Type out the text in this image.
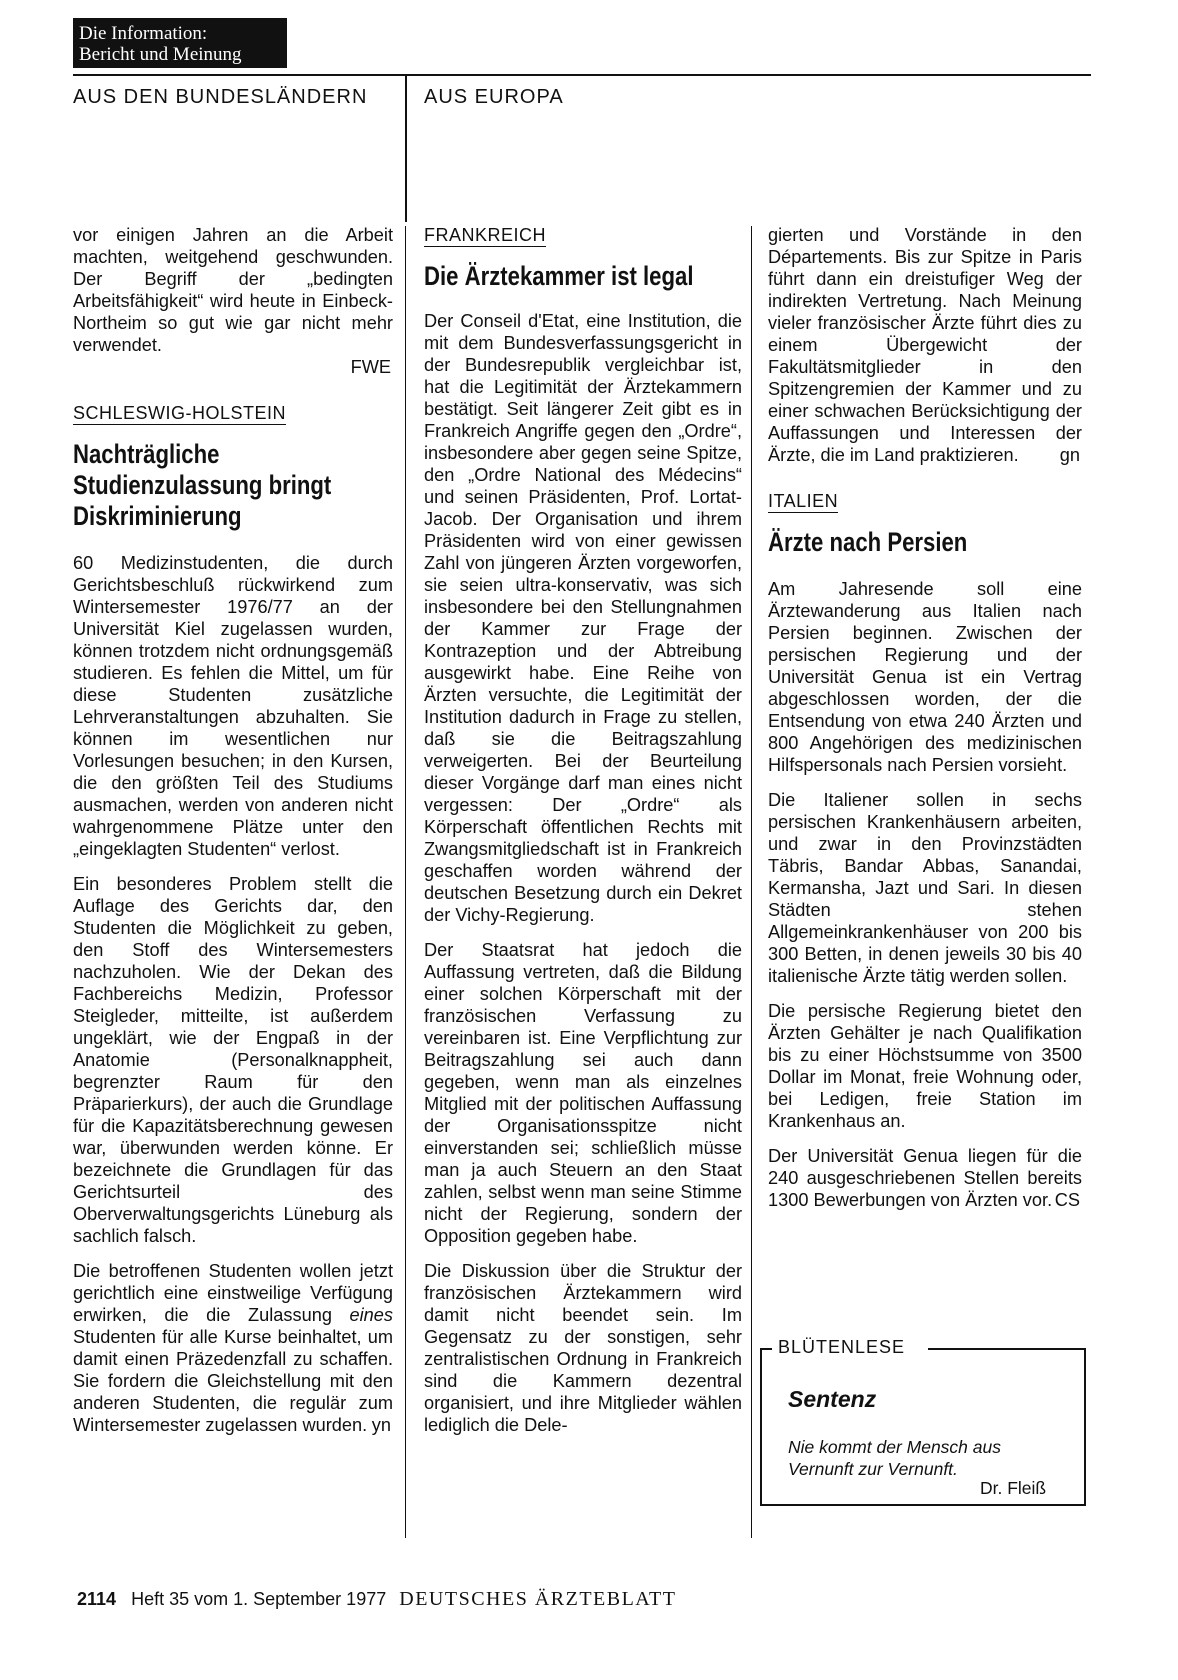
Die Information:
Bericht und Meinung
AUS DEN BUNDESLÄNDERN	AUS EUROPA

vor einigen Jahren an die Arbeit machten, weitgehend geschwunden. Der Begriff der „bedingten Arbeitsfähigkeit“ wird heute in Einbeck-Northeim so gut wie gar nicht mehr verwendet.

FWE
SCHLESWIG-HOLSTEIN
Nachträgliche Studienzulassung bringt Diskriminierung

60 Medizinstudenten, die durch Gerichtsbeschluß rückwirkend zum Wintersemester 1976/77 an der Universität Kiel zugelassen wurden, können trotzdem nicht ordnungsgemäß studieren. Es fehlen die Mittel, um für diese Studenten zusätzliche Lehrveranstaltungen abzuhalten. Sie können im wesentlichen nur Vorlesungen besuchen; in den Kursen, die den größten Teil des Studiums ausmachen, werden von anderen nicht wahrgenommene Plätze unter den „eingeklagten Studenten“ verlost.

Ein besonderes Problem stellt die Auflage des Gerichts dar, den Studenten die Möglichkeit zu geben, den Stoff des Wintersemesters nachzuholen. Wie der Dekan des Fachbereichs Medizin, Professor Steigleder, mitteilte, ist außerdem ungeklärt, wie der Engpaß in der Anatomie (Personalknappheit, begrenzter Raum für den Präparierkurs), der auch die Grundlage für die Kapazitätsberechnung gewesen war, überwunden werden könne. Er bezeichnete die Grundlagen für das Gerichtsurteil des Oberverwaltungsgerichts Lüneburg als sachlich falsch.

Die betroffenen Studenten wollen jetzt gerichtlich eine einstweilige Verfügung erwirken, die die Zulassung eines Studenten für alle Kurse beinhaltet, um damit einen Präzedenzfall zu schaffen. Sie fordern die Gleichstellung mit den anderen Studenten, die regulär zum Wintersemester zugelassen wurden. yn
FRANKREICH
Die Ärztekammer ist legal

Der Conseil d'Etat, eine Institution, die mit dem Bundesverfassungsgericht in der Bundesrepublik vergleichbar ist, hat die Legitimität der Ärztekammern bestätigt. Seit längerer Zeit gibt es in Frankreich Angriffe gegen den „Ordre“, insbesondere aber gegen seine Spitze, den „Ordre National des Médecins“ und seinen Präsidenten, Prof. Lortat-Jacob. Der Organisation und ihrem Präsidenten wird von einer gewissen Zahl von jüngeren Ärzten vorgeworfen, sie seien ultra-konservativ, was sich insbesondere bei den Stellungnahmen der Kammer zur Frage der Kontrazeption und der Abtreibung ausgewirkt habe. Eine Reihe von Ärzten versuchte, die Legitimität der Institution dadurch in Frage zu stellen, daß sie die Beitragszahlung verweigerten. Bei der Beurteilung dieser Vorgänge darf man eines nicht vergessen: Der „Ordre“ als Körperschaft öffentlichen Rechts mit Zwangsmitgliedschaft ist in Frankreich geschaffen worden während der deutschen Besetzung durch ein Dekret der Vichy-Regierung.

Der Staatsrat hat jedoch die Auffassung vertreten, daß die Bildung einer solchen Körperschaft mit der französischen Verfassung zu vereinbaren ist. Eine Verpflichtung zur Beitragszahlung sei auch dann gegeben, wenn man als einzelnes Mitglied mit der politischen Auffassung der Organisationsspitze nicht einverstanden sei; schließlich müsse man ja auch Steuern an den Staat zahlen, selbst wenn man seine Stimme nicht der Regierung, sondern der Opposition gegeben habe.

Die Diskussion über die Struktur der französischen Ärztekammern wird damit nicht beendet sein. Im Gegensatz zu der sonstigen, sehr zentralistischen Ordnung in Frankreich sind die Kammern dezentral organisiert, und ihre Mitglieder wählen lediglich die Dele-

gierten und Vorstände in den Départements. Bis zur Spitze in Paris führt dann ein dreistufiger Weg der indirekten Vertretung. Nach Meinung vieler französischer Ärzte führt dies zu einem Übergewicht der Fakultätsmitglieder in den Spitzengremien der Kammer und zu einer schwachen Berücksichtigung der Auffassungen und Interessen der Ärzte, die im Land praktizieren.	gn
ITALIEN
Ärzte nach Persien

Am Jahresende soll eine Ärztewanderung aus Italien nach Persien beginnen. Zwischen der persischen Regierung und der Universität Genua ist ein Vertrag abgeschlossen worden, der die Entsendung von etwa 240 Ärzten und 800 Angehörigen des medizinischen Hilfspersonals nach Persien vorsieht.

Die Italiener sollen in sechs persischen Krankenhäusern arbeiten, und zwar in den Provinzstädten Täbris, Bandar Abbas, Sanandai, Kermansha, Jazt und Sari. In diesen Städten stehen Allgemeinkrankenhäuser von 200 bis 300 Betten, in denen jeweils 30 bis 40 italienische Ärzte tätig werden sollen.

Die persische Regierung bietet den Ärzten Gehälter je nach Qualifikation bis zu einer Höchstsumme von 3500 Dollar im Monat, freie Wohnung oder, bei Ledigen, freie Station im Krankenhaus an.

Der Universität Genua liegen für die 240 ausgeschriebenen Stellen bereits 1300 Bewerbungen von Ärzten vor. CS
BLÜTENLESE
Sentenz
Nie kommt der Mensch aus Vernunft zur Vernunft.
Dr. Fleiß
2114 Heft 35 vom 1. September 1977 DEUTSCHES ÄRZTEBLATT
